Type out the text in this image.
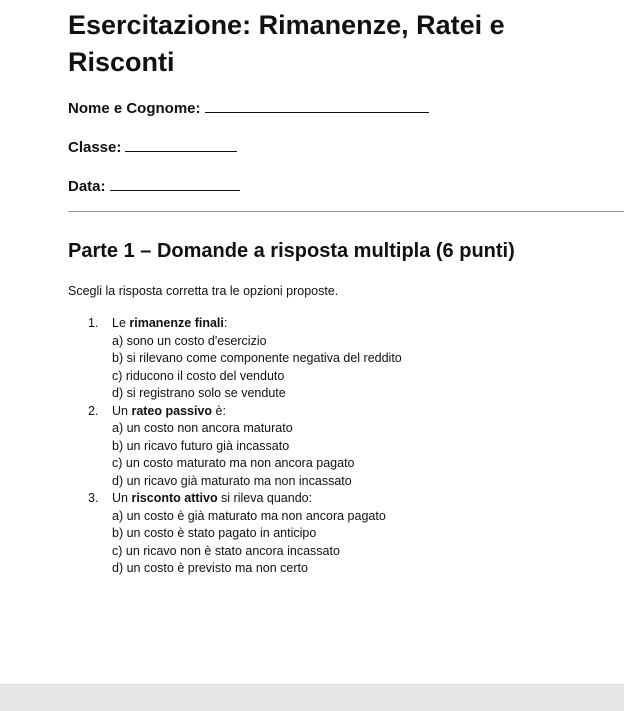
Esercitazione: Rimanenze, Ratei e Risconti
Nome e Cognome:
Classe:
Data:
Parte 1 – Domande a risposta multipla (6 punti)
Scegli la risposta corretta tra le opzioni proposte.
1. Le rimanenze finali:
a) sono un costo d'esercizio
b) si rilevano come componente negativa del reddito
c) riducono il costo del venduto
d) si registrano solo se vendute
2. Un rateo passivo è:
a) un costo non ancora maturato
b) un ricavo futuro già incassato
c) un costo maturato ma non ancora pagato
d) un ricavo già maturato ma non incassato
3. Un risconto attivo si rileva quando:
a) un costo è già maturato ma non ancora pagato
b) un costo è stato pagato in anticipo
c) un ricavo non è stato ancora incassato
d) un costo è previsto ma non certo
